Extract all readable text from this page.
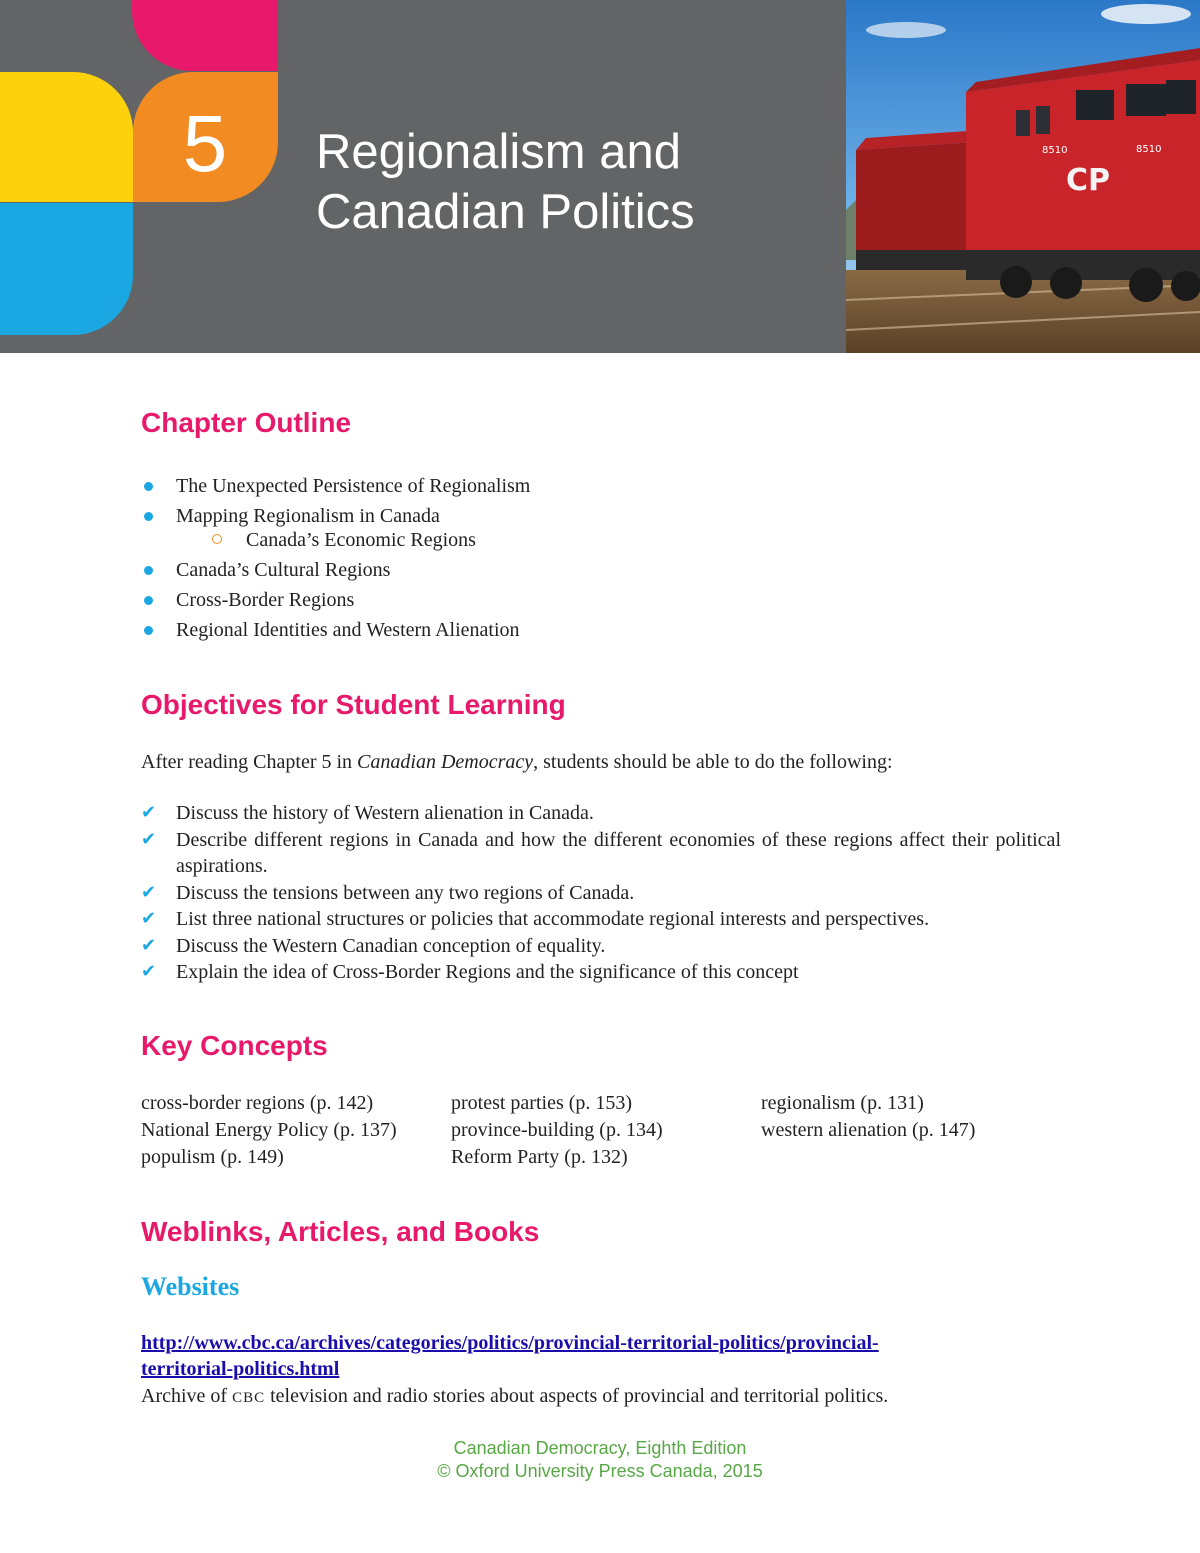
5	Regionalism and
Canadian Politics
8510	8510
CP
Chapter Outline
The Unexpected Persistence of Regionalism
Mapping Regionalism in Canada
Canada’s Economic Regions
Canada’s Cultural Regions
Cross-Border Regions
Regional Identities and Western Alienation
Objectives for Student Learning
After reading Chapter 5 in Canadian Democracy, students should be able to do the following:
✔ Discuss the history of Western alienation in Canada.
✔ Describe different regions in Canada and how the different economies of these regions affect their political aspirations.
✔ Discuss the tensions between any two regions of Canada.
✔ List three national structures or policies that accommodate regional interests and perspectives.
✔ Discuss the Western Canadian conception of equality.
✔ Explain the idea of Cross-Border Regions and the significance of this concept
Key Concepts
cross-border regions (p. 142)
National Energy Policy (p. 137)
populism (p. 149)
protest parties (p. 153)
province-building (p. 134)
Reform Party (p. 132)
regionalism (p. 131)
western alienation (p. 147)
Weblinks, Articles, and Books
Websites
http://www.cbc.ca/archives/categories/politics/provincial-territorial-politics/provincial-
territorial-politics.html
Archive of CBC television and radio stories about aspects of provincial and territorial politics.
Canadian Democracy, Eighth Edition
© Oxford University Press Canada, 2015
